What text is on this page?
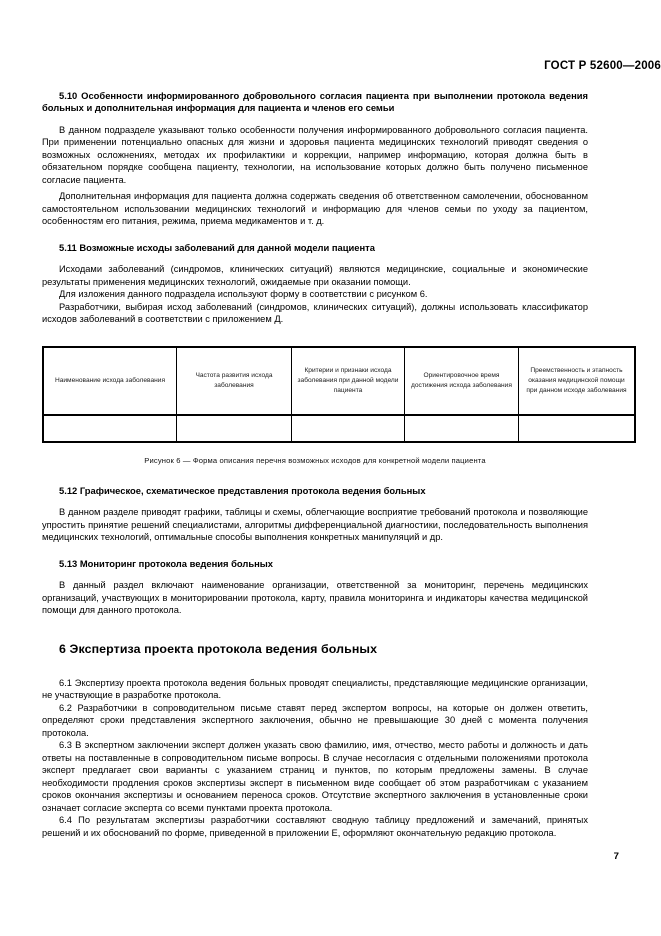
ГОСТ Р 52600—2006
5.10 Особенности информированного добровольного согласия пациента при выполнении протокола ведения больных и дополнительная информация для пациента и членов его семьи

В данном подразделе указывают только особенности получения информированного добровольного согласия пациента. При применении потенциально опасных для жизни и здоровья пациента медицинских технологий приводят сведения о возможных осложнениях, методах их профилактики и коррекции, например информацию, которая должна быть в обязательном порядке сообщена пациенту, технологии, на использование которых должно быть получено письменное согласие пациента.

Дополнительная информация для пациента должна содержать сведения об ответственном самолечении, обоснованном самостоятельном использовании медицинских технологий и информацию для членов семьи по уходу за пациентом, особенностям его питания, режима, приема медикаментов и т. д.

5.11 Возможные исходы заболеваний для данной модели пациента

Исходами заболеваний (синдромов, клинических ситуаций) являются медицинские, социальные и экономические результаты применения медицинских технологий, ожидаемые при оказании помощи.

Для изложения данного подраздела используют форму в соответствии с рисунком 6.

Разработчики, выбирая исход заболеваний (синдромов, клинических ситуаций), должны использовать классификатор исходов заболеваний в соответствии с приложением Д.

Наименование исхода заболевания	Частота развития исхода заболевания	Критерии и признаки исхода заболевания при данной модели пациента	Ориентировочное время достижения исхода заболевания	Преемственность и этапность оказания медицинской помощи при данном исходе заболевания

Рисунок 6 — Форма описания перечня возможных исходов для конкретной модели пациента
5.12 Графическое, схематическое представления протокола ведения больных

В данном разделе приводят графики, таблицы и схемы, облегчающие восприятие требований протокола и позволяющие упростить принятие решений специалистами, алгоритмы дифференциальной диагностики, последовательность выполнения медицинских технологий, оптимальные способы выполнения конкретных манипуляций и др.

5.13 Мониторинг протокола ведения больных

В данный раздел включают наименование организации, ответственной за мониторинг, перечень медицинских организаций, участвующих в мониторировании протокола, карту, правила мониторинга и индикаторы качества медицинской помощи для данного протокола.

6 Экспертиза проекта протокола ведения больных

6.1 Экспертизу проекта протокола ведения больных проводят специалисты, представляющие медицинские организации, не участвующие в разработке протокола.

6.2 Разработчики в сопроводительном письме ставят перед экспертом вопросы, на которые он должен ответить, определяют сроки представления экспертного заключения, обычно не превышающие 30 дней с момента получения протокола.

6.3 В экспертном заключении эксперт должен указать свою фамилию, имя, отчество, место работы и должность и дать ответы на поставленные в сопроводительном письме вопросы. В случае несогласия с отдельными положениями протокола эксперт предлагает свои варианты с указанием страниц и пунктов, по которым предложены замены. В случае необходимости продления сроков экспертизы эксперт в письменном виде сообщает об этом разработчикам с указанием сроков окончания экспертизы и основанием переноса сроков. Отсутствие экспертного заключения в установленные сроки означает согласие эксперта со всеми пунктами проекта протокола.

6.4 По результатам экспертизы разработчики составляют сводную таблицу предложений и замечаний, принятых решений и их обоснований по форме, приведенной в приложении Е, оформляют окончательную редакцию протокола.

7
